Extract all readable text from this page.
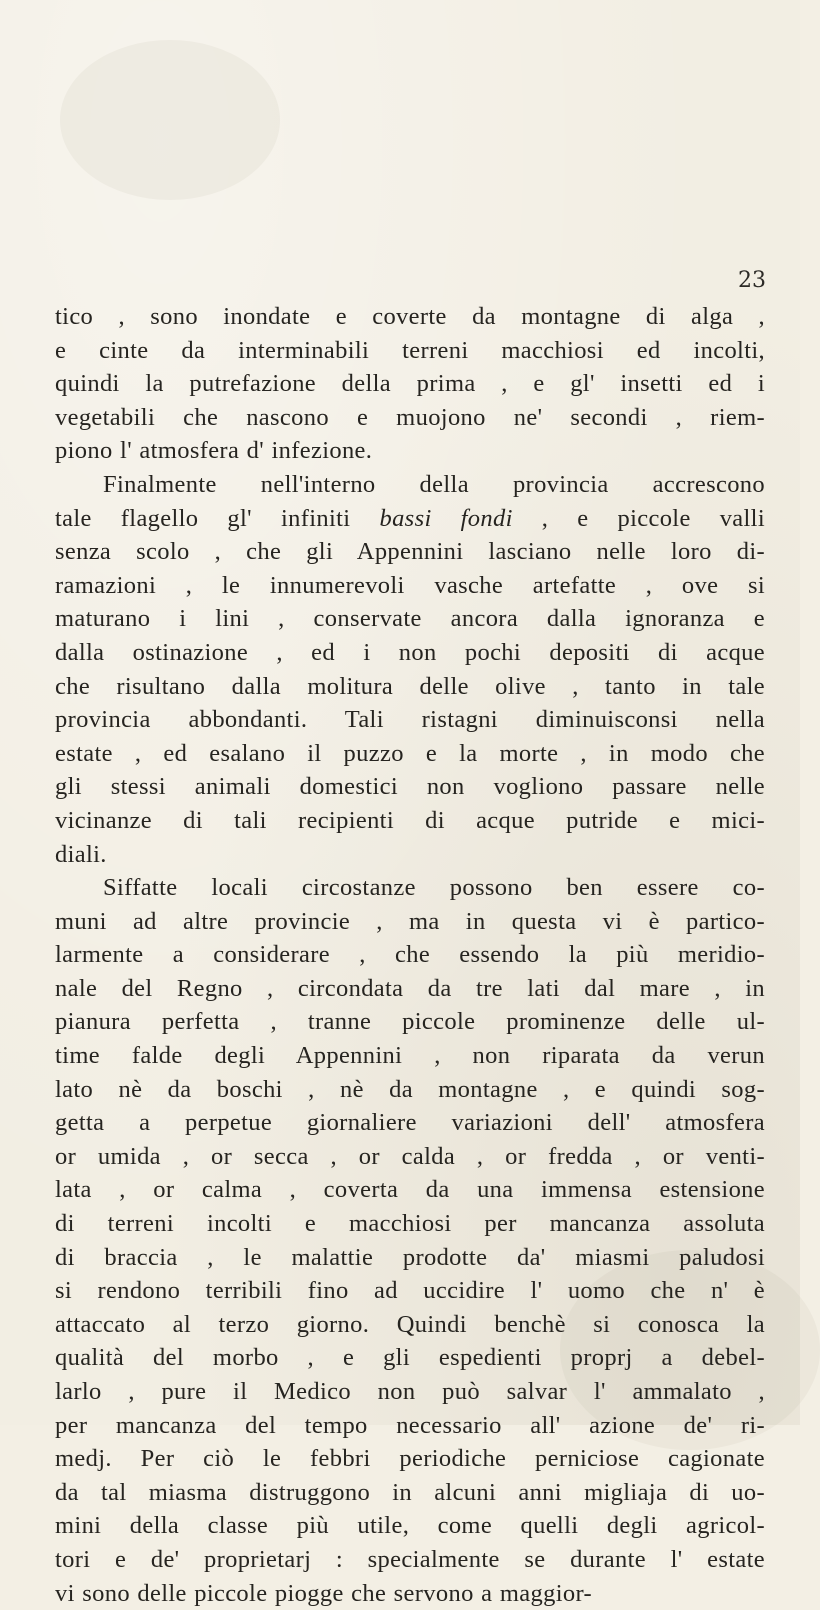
23

tico , sono inondate e coverte da montagne di alga ,
e cinte da interminabili terreni macchiosi ed incolti,
quindi la putrefazione della prima , e gl' insetti ed i
vegetabili che nascono e muojono ne' secondi , riem-
piono l' atmosfera d' infezione.

Finalmente nell'interno della provincia accrescono
tale flagello gl' infiniti bassi fondi , e piccole valli
senza scolo , che gli Appennini lasciano nelle loro di-
ramazioni , le innumerevoli vasche artefatte , ove si
maturano i lini , conservate ancora dalla ignoranza e
dalla ostinazione , ed i non pochi depositi di acque
che risultano dalla molitura delle olive , tanto in tale
provincia abbondanti. Tali ristagni diminuisconsi nella
estate , ed esalano il puzzo e la morte , in modo che
gli stessi animali domestici non vogliono passare nelle
vicinanze di tali recipienti di acque putride e mici-
diali.

Siffatte locali circostanze possono ben essere co-
muni ad altre provincie , ma in questa vi è partico-
larmente a considerare , che essendo la più meridio-
nale del Regno , circondata da tre lati dal mare , in
pianura perfetta , tranne piccole prominenze delle ul-
time falde degli Appennini , non riparata da verun
lato nè da boschi , nè da montagne , e quindi sog-
getta a perpetue giornaliere variazioni dell' atmosfera
or umida , or secca , or calda , or fredda , or venti-
lata , or calma , coverta da una immensa estensione
di terreni incolti e macchiosi per mancanza assoluta
di braccia , le malattie prodotte da' miasmi paludosi
si rendono terribili fino ad uccidire l' uomo che n' è
attaccato al terzo giorno. Quindi benchè si conosca la
qualità del morbo , e gli espedienti proprj a debel-
larlo , pure il Medico non può salvar l' ammalato ,
per mancanza del tempo necessario all' azione de' ri-
medj. Per ciò le febbri periodiche perniciose cagionate
da tal miasma distruggono in alcuni anni migliaja di uo-
mini della classe più utile, come quelli degli agricol-
tori e de' proprietarj : specialmente se durante l' estate
vi sono delle piccole piogge che servono a maggior-
